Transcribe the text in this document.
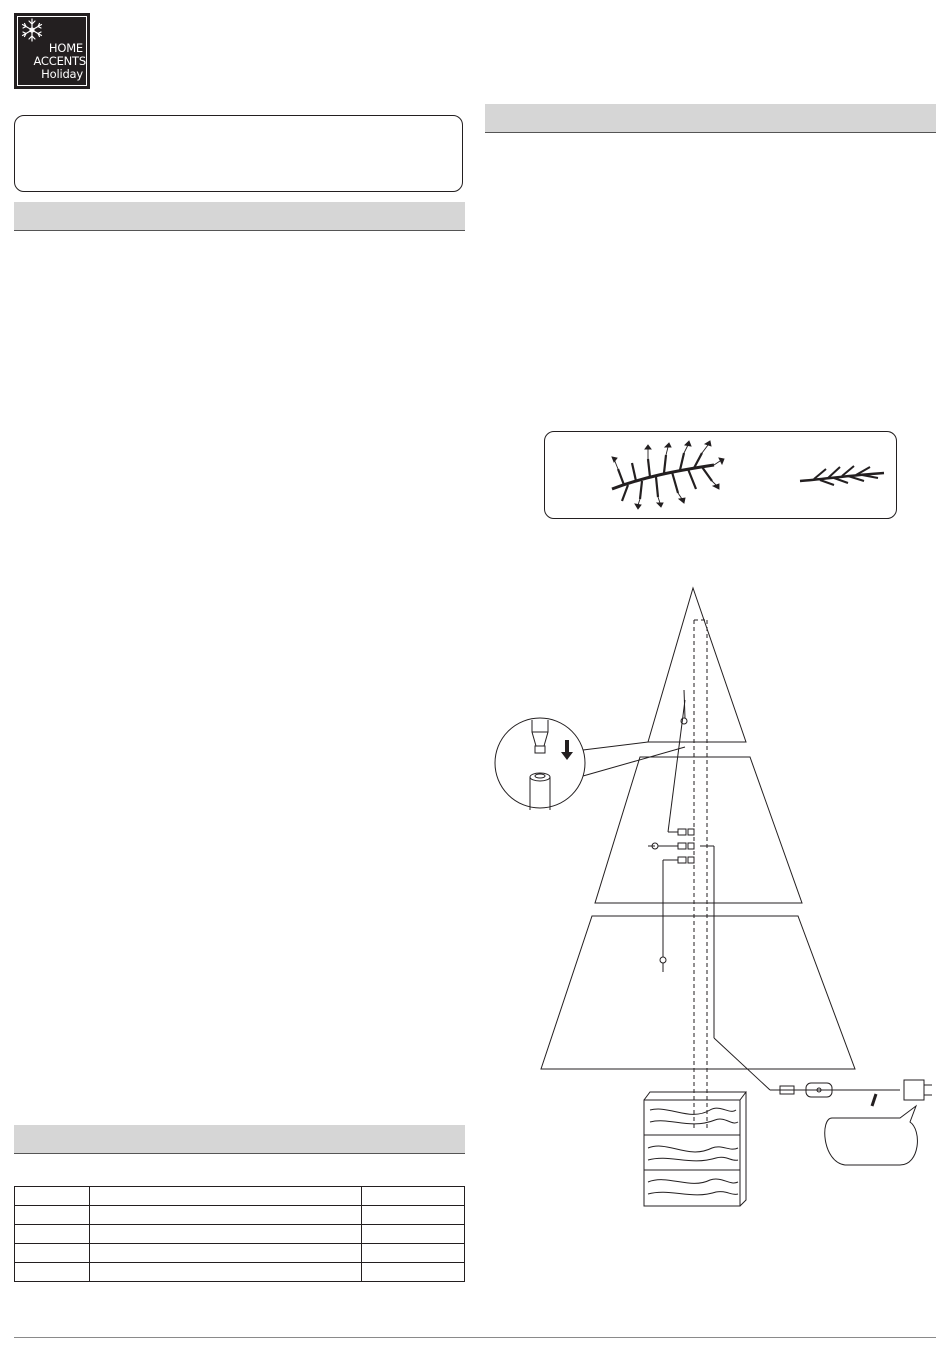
HOME
ACCENTS
Holiday
